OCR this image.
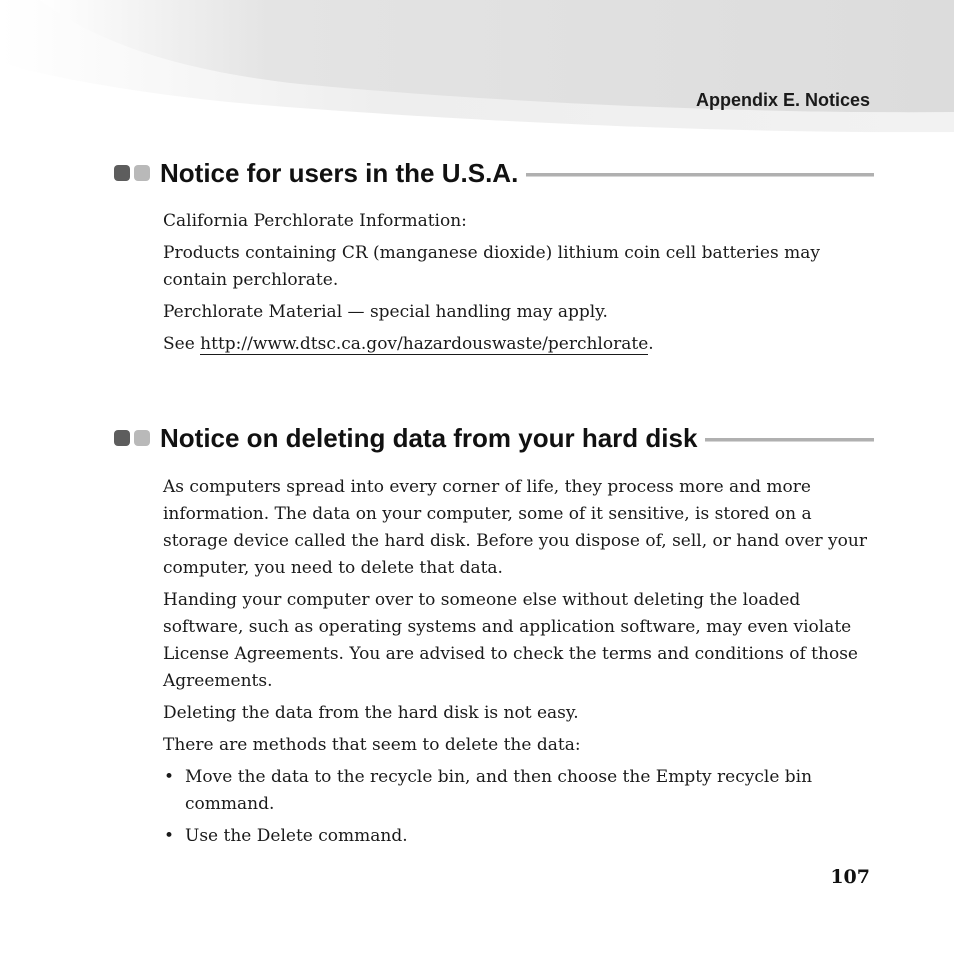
Appendix E. Notices
Notice for users in the U.S.A.

California Perchlorate Information:

Products containing CR (manganese dioxide) lithium coin cell batteries may contain perchlorate.

Perchlorate Material — special handling may apply.

See http://www.dtsc.ca.gov/hazardouswaste/perchlorate.

Notice on deleting data from your hard disk

As computers spread into every corner of life, they process more and more information. The data on your computer, some of it sensitive, is stored on a storage device called the hard disk. Before you dispose of, sell, or hand over your computer, you need to delete that data.

Handing your computer over to someone else without deleting the loaded software, such as operating systems and application software, may even violate License Agreements. You are advised to check the terms and conditions of those Agreements.

Deleting the data from the hard disk is not easy.

There are methods that seem to delete the data:

• Move the data to the recycle bin, and then choose the Empty recycle bin command.
• Use the Delete command.
107
